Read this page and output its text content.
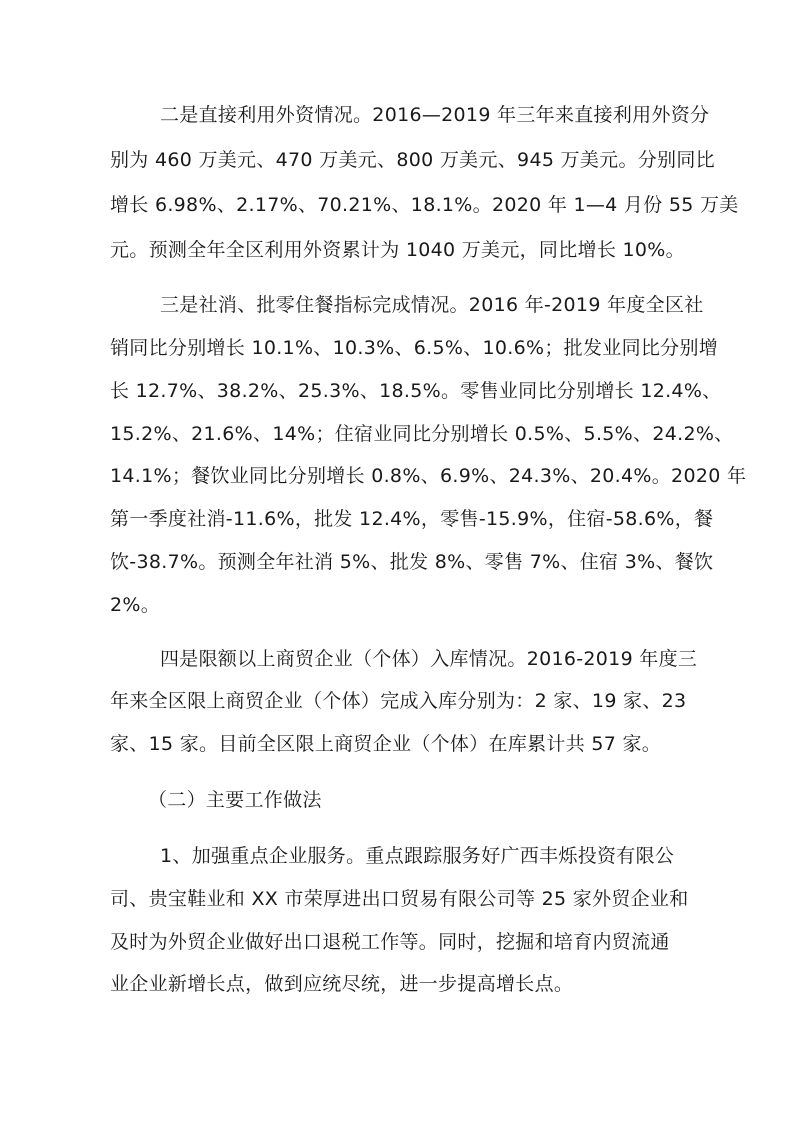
二是直接利用外资情况。2016—2019 年三年来直接利用外资分
别为 460 万美元、470 万美元、800 万美元、945 万美元。分别同比
增长 6.98%、2.17%、70.21%、18.1%。2020 年 1—4 月份 55 万美
元。预测全年全区利用外资累计为 1040 万美元，同比增长 10%。
三是社消、批零住餐指标完成情况。2016 年-2019 年度全区社
销同比分别增长 10.1%、10.3%、6.5%、10.6%；批发业同比分别增
长 12.7%、38.2%、25.3%、18.5%。零售业同比分别增长 12.4%、
15.2%、21.6%、14%；住宿业同比分别增长 0.5%、5.5%、24.2%、
14.1%；餐饮业同比分别增长 0.8%、6.9%、24.3%、20.4%。2020 年
第一季度社消-11.6%，批发 12.4%，零售-15.9%，住宿-58.6%，餐
饮-38.7%。预测全年社消 5%、批发 8%、零售 7%、住宿 3%、餐饮
2%。
四是限额以上商贸企业（个体）入库情况。2016-2019 年度三
年来全区限上商贸企业（个体）完成入库分别为：2 家、19 家、23
家、15 家。目前全区限上商贸企业（个体）在库累计共 57 家。
（二）主要工作做法
1、加强重点企业服务。重点跟踪服务好广西丰烁投资有限公
司、贵宝鞋业和 XX 市荣厚进出口贸易有限公司等 25 家外贸企业和
及时为外贸企业做好出口退税工作等。同时，挖掘和培育内贸流通
业企业新增长点，做到应统尽统，进一步提高增长点。
